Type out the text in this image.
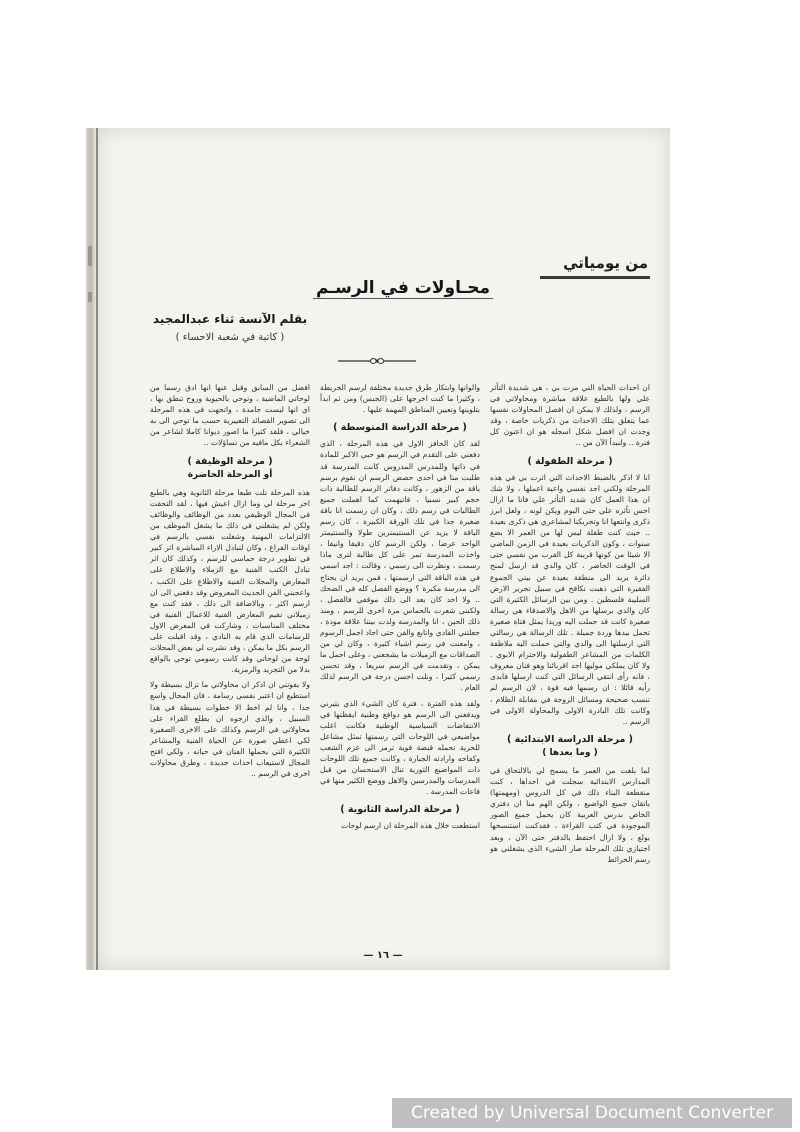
من يومياتي
محـاولات في الرسـم
بقلم الآنسة ثناء عبدالمجيد
( كاتبة في شعبة الاحساء )

ان احداث الحياة التي مرت بي ، هي شديدة التأثر علي ولها بالطبع علاقة مباشرة ومحاولاتي في الرسم ، ولذلك لا يمكن ان افصل المحاولات نفسها عما يتعلق بتلك الاحداث من ذكريات خاصة ، وقد وجدت ان افضل شكل اسجله هو ان اعنون كل فترة .. ولنبدأ الآن من ..

( مرحلة الطفولة )

انا لا اذكر بالضبط الاحداث التي اثرت بي في هذه المرحلة ولكني اجد نفسي واعية اعملها ، ولا شك ان هذا العمل كان شديد التأثر علي فانا ما ازال احس تأثره علي حتى اليوم ويكن لونه ، ولعل ابرز ذكرى وانتعها انا وتحريكنا لمشاعري هي ذكرى بعيدة .. حيث كنت طفلة ليس لها من العمر الا بضع سنوات ، وكون الذكريات بعيدة في الزمن الماضي الا شيئا من كونها قريبة كل القرب من نفسي حتى في الوقت الحاضر ، كان والدي قد ارسل لمنح دائرة بريد الى منطقة بعيدة عن بيتي الجموع الفقيرة التي ذهبت تكافح في سبيل تحرير الارض السليبة فلسطين . ومن بين الرسائل الكثيرة التي كان والدي يرسلها من الاهل والاصدقاء هي رسالة صغيرة كانت قد حملت اليه وريدا يمثل فتاة صغيرة تحمل بيدها وردة جميلة . تلك الرسالة هي رسالتي التي ارسلتها الى والدي والتي حملت اليه ملاطفة الكلمات من المشاعر الطفولية والاحترام الابوي . ولا كان يملكي موليها احد اقربائنا وهو فنان معروف ، فانه رأى انتقي الرسائل التي كنت ارسلها فابدى رأيه قائلا : ان رسمها فيه قوة ، لان الرسم لم تنسب صحيحة ومسائل الزوجة في مقابلة الظلام ، وكانت تلك البادرة الاولى والمحاولة الاولى في الرسم ..

( مرحلة الدراسة الابتدائية )
( وما بعدها )

لما بلغت من العمر ما يسمح لي بالالتحاق في المدارس الابتدائية سجلت في احداها ، كنت منقطعة البناء ذلك في كل الدروس (ومهمتها) باتقان جميع الواضيع ، ولكن الهم منا ان دفتري الخاص بدرس العربية كان يحمل جميع الصور الموجودة في كتب القراءة ، فقدكنت استنسخها بولع ، ولا ازال احتفظ بالدفتر حتى الآن ، وبعد اجتيازي تلك المرحلة صار الشيء الذي يشغلني هو رسم الخرائط

والوانها وابتكار طرق جديدة مختلفة لرسم الخريطة ، وكثيرا ما كنت اخرجها على (الجبس) ومن ثم ابدأ بتلوينها وتعيين المناطق المهمة عليها .

( مرحلة الدراسة المتوسطة )

لقد كان الحافز الاول في هذه المرحلة ، الذي دفعني على التقدم في الرسم هو حبي الاكبر للمادة في ذاتها وللمدرس المدروس كانت المدرسة قد طلبت منا في احدى حصص الرسم ان نقوم برسم باقة من الزهور ، وكانت دفاتر الرسم للطالبة ذات حجم كبير نسبيا ، فاتيهمت كما اهملت جميع الطالبات في رسم ذلك ، وكان ان رسمت انا باقة صغيرة جدا في تلك الورقة الكبيرة ، كان رسم الباقة لا يزيد عن السنتيمترين طولا والسنتيمتر الواحد عرضا ، ولكن الرسم كان دقيقا وانيقا ، واخذت المدرسة تمر على كل طالبة لترى ماذا رسمت ، ونظرت الى رسمي ، وقالت : اجد اسمي في هذه الباقة التي ارسمتها ، فمن يريد ان يحتاج الى مدرسة مكبرة ؟ ووضع الفصل كله في الضحك .. ولا احد كان بعد الى ذلك موقفي فالفصل ، ولكنني شعرت بالحماس مرة اخرى للرسم ، ومنذ ذلك الحين ، انا والمدرسة ولدت بيننا علاقة مودة ، جعلتني الفادي واتابع والفن حتى اجاد اجمل الرسوم ، وامعنت في رسم اشياء كثيرة ، وكان لي من الصداقات مع الزميلات ما يشجعني ، وعلى اجمل ما يمكن ، وتقدمت في الرسم سريعا ، وقد تحسن رسمي كثيرا ، ونلت احسن درجة في الرسم لذلك العام .

ولقد هذه الفترة ، فترة كان الشيء الذي يثيرني ويدفعني الى الرسم هو دوافع وطنية ايقظتها في الانتفاضات السياسية الوطنية فكانت اغلب مواضيعي في اللوحات التي رسمتها تمثل مشاعل للحرية تحمله قبضة قوية ترمز الى عزم الشعب وكفاحه وارادته الجبارة ، وكانت جميع تلك اللوحات ذات المواضيع الثورية تنال الاستحسان من قبل المدرسات والمدرسين والاهل ووضع الكثير منها في قاعات المدرسة .

( مرحلة الدراسة الثانوية )

استطعت خلال هذه المرحلة ان ارسم لوحات

افضل من السابق وقبل عنها انها ادق رسما من لوحاتي الماضية ، وتوحي بالحيوية وروح تنطق بها ، اي انها ليست جامدة ، واتجهت في هذه المرحلة الى تصوير القصائد التعبيرية حسب ما توحي الى به خيالي ، فلقد كثيرا ما اصور ديوانا كاملا لشاعر من الشعراء بكل مافيه من تساؤلات ..

( مرحلة الوظيفة )
أو المرحلة الحاضرة

هذه المرحلة تلت طبعا مرحلة الثانوية وهي بالطبع اخر مرحلة لي وما ازال اعيش فيها ، لقد التحقت في المجال الوظيفي بعدد من الوظائف والوظائف ولكن لم يشغلني في ذلك ما يشغل الموظف من الالتزامات المهنية وشغلت نفسي بالرسم في اوقات الفراغ ، وكان لتبادل الاراء المباشرة اثر كبير في تطوير درجة حماسي للرسم ، وكذلك كان اثر تبادل الكتب الفنية مع الزملاء والاطلاع على المعارض والمجلات الفنية والاطلاع على الكتب ، واعجبني الفن الحديث المعروض وقد دفعني الى ان ارسم اكثر ، وبالاضافة الى ذلك ، فقد كنت مع زميلاتي نقيم المعارض الفنية للاعمال الفنية في مختلف المناسبات ، وشاركت في المعرض الاول للرسامات الذي قام به النادي ، وقد اقبلت على الرسم بكل ما يمكن ، وقد نشرت لي بعض المجلات لوحة من لوحاتي وقد كانت رسومي توحي بالواقع بدلا من التجريد والرمزية.

ولا يفوتني ان اذكر ان محاولاتي ما تزال بسيطة ولا استطيع ان اعتبر نفسي رسامة ، فان المجال واسع جدا ، وانا لم اخط الا خطوات بسيطة في هذا السبيل ، والذي ارجوه ان يطلع القراء على محاولاتي في الرسم وكذلك على الاخرى الصغيرة لكي اعطي صورة عن الحياة الفنية والمشاعر الكثيرة التي يحملها الفنان في حياته ، ولكي افتح المجال لاستيعاب احداث جديدة ، وطرق محاولات اخرى في الرسم ..

— ١٦ —
Created by Universal Document Converter
